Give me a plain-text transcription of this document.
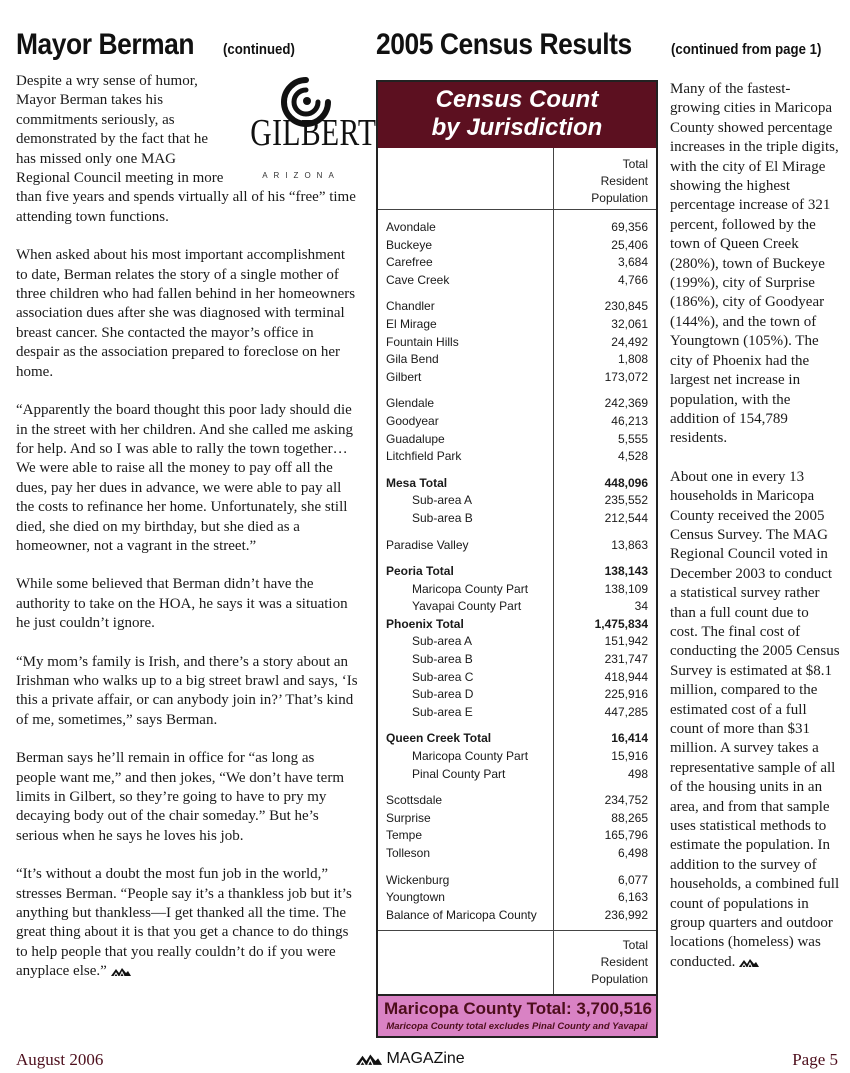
Mayor Berman (continued)
GILBERT
ARIZONA

Despite a wry sense of humor, Mayor Berman takes his commitments seriously, as demonstrated by the fact that he has missed only one MAG Regional Council meeting in more than five years and spends virtually all of his “free” time attending town functions.

When asked about his most important accomplishment to date, Berman relates the story of a single mother of three children who had fallen behind in her homeowners association dues after she was diagnosed with terminal breast cancer. She contacted the mayor’s office in despair as the association prepared to foreclose on her home.

“Apparently the board thought this poor lady should die in the street with her children. And she called me asking for help. And so I was able to rally the town together…We were able to raise all the money to pay off all the dues, pay her dues in advance, we were able to pay all the costs to refinance her home. Unfortunately, she still died, she died on my birthday, but she died as a homeowner, not a vagrant in the street.”

While some believed that Berman didn’t have the authority to take on the HOA, he says it was a situation he just couldn’t ignore.

“My mom’s family is Irish, and there’s a story about an Irishman who walks up to a big street brawl and says, ‘Is this a private affair, or can anybody join in?’ That’s kind of me, sometimes,” says Berman.

Berman says he’ll remain in office for “as long as people want me,” and then jokes, “We don’t have term limits in Gilbert, so they’re going to have to pry my decaying body out of the chair someday.” But he’s serious when he says he loves his job.

“It’s without a doubt the most fun job in the world,” stresses Berman. “People say it’s a thankless job but it’s anything but thankless—I get thanked all the time. The great thing about it is that you get a chance to do things to help people that you really couldn’t do if you were anyplace else.”

2005 Census Results	(continued from page 1)
Census Count
by Jurisdiction
Total
Resident
Population
Avondale	69,356
Buckeye	25,406
Carefree	3,684
Cave Creek	4,766
Chandler	230,845
El Mirage	32,061
Fountain Hills	24,492
Gila Bend	1,808
Gilbert	173,072
Glendale	242,369
Goodyear	46,213
Guadalupe	5,555
Litchfield Park	4,528
Mesa Total	448,096
Sub-area A	235,552
Sub-area B	212,544
Paradise Valley	13,863
Peoria Total	138,143
Maricopa County Part	138,109
Yavapai County Part	34
Phoenix Total	1,475,834
Sub-area A	151,942
Sub-area B	231,747
Sub-area C	418,944
Sub-area D	225,916
Sub-area E	447,285
Queen Creek Total	16,414
Maricopa County Part	15,916
Pinal County Part	498
Scottsdale	234,752
Surprise	88,265
Tempe	165,796
Tolleson	6,498
Wickenburg	6,077
Youngtown	6,163
Balance of Maricopa County	236,992
Total
Resident
Population
Maricopa County Total: 3,700,516
Maricopa County total excludes Pinal County and Yavapai

Many of the fastest-growing cities in Maricopa County showed percentage increases in the triple digits, with the city of El Mirage showing the highest percentage increase of 321 percent, followed by the town of Queen Creek (280%), town of Buckeye (199%), city of Surprise (186%), city of Goodyear (144%), and the town of Youngtown (105%). The city of Phoenix had the largest net increase in population, with the addition of 154,789 residents.

About one in every 13 households in Maricopa County received the 2005 Census Survey. The MAG Regional Council voted in December 2003 to conduct a statistical survey rather than a full count due to cost. The final cost of conducting the 2005 Census Survey is estimated at $8.1 million, compared to the estimated cost of a full count of more than $31 million. A survey takes a representative sample of all of the housing units in an area, and from that sample uses statistical methods to estimate the population. In addition to the survey of households, a combined full count of populations in group quarters and outdoor locations (homeless) was conducted.

August 2006	MAGAZine	Page 5
